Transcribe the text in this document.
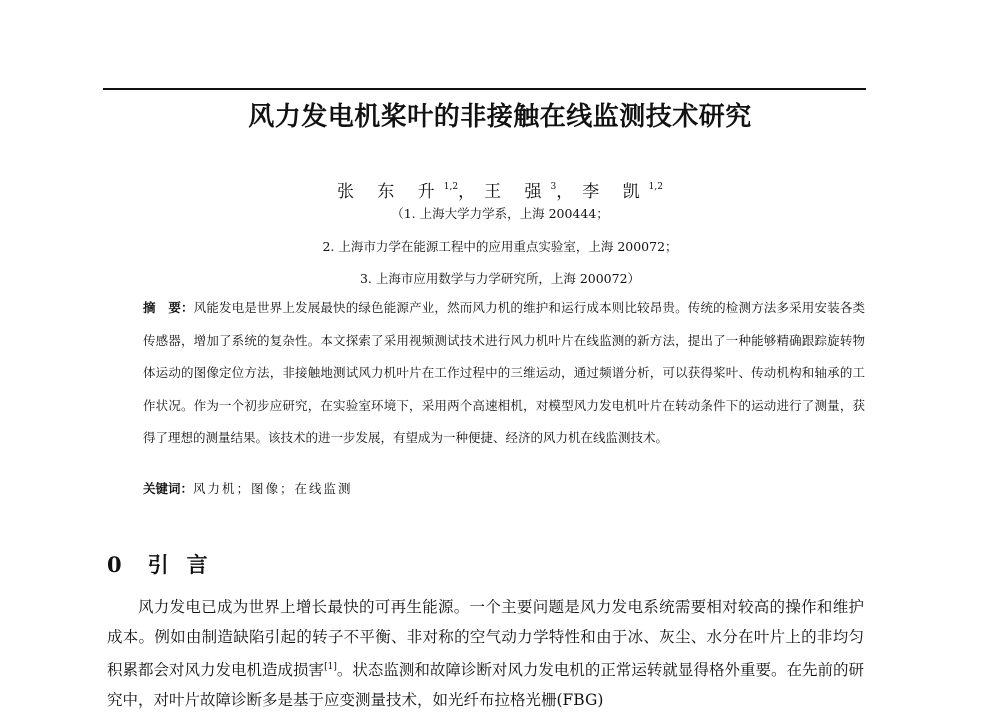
风力发电机桨叶的非接触在线监测技术研究
张 东 升$^{1,2}$，王 强$^3$，李 凯$^{1,2}$
（1. 上海大学力学系，上海 200444；
2. 上海市力学在能源工程中的应用重点实验室，上海 200072；
3. 上海市应用数学与力学研究所，上海 200072）
摘　要：风能发电是世界上发展最快的绿色能源产业，然而风力机的维护和运行成本则比较昂贵。传统的检测方法多采用安装各类传感器，增加了系统的复杂性。本文探索了采用视频测试技术进行风力机叶片在线监测的新方法，提出了一种能够精确跟踪旋转物体运动的图像定位方法，非接触地测试风力机叶片在工作过程中的三维运动，通过频谱分析，可以获得桨叶、传动机构和轴承的工作状况。作为一个初步应研究，在实验室环境下，采用两个高速相机，对模型风力发电机叶片在转动条件下的运动进行了测量，获得了理想的测量结果。该技术的进一步发展，有望成为一种便捷、经济的风力机在线监测技术。
关键词：风力机；图像；在线监测
0 引言

风力发电已成为世界上增长最快的可再生能源。一个主要问题是风力发电系统需要相对较高的操作和维护成本。例如由制造缺陷引起的转子不平衡、非对称的空气动力学特性和由于冰、灰尘、水分在叶片上的非均匀积累都会对风力发电机造成损害[1]。状态监测和故障诊断对风力发电机的正常运转就显得格外重要。在先前的研究中，对叶片故障诊断多是基于应变测量技术，如光纤布拉格光栅(FBG)
